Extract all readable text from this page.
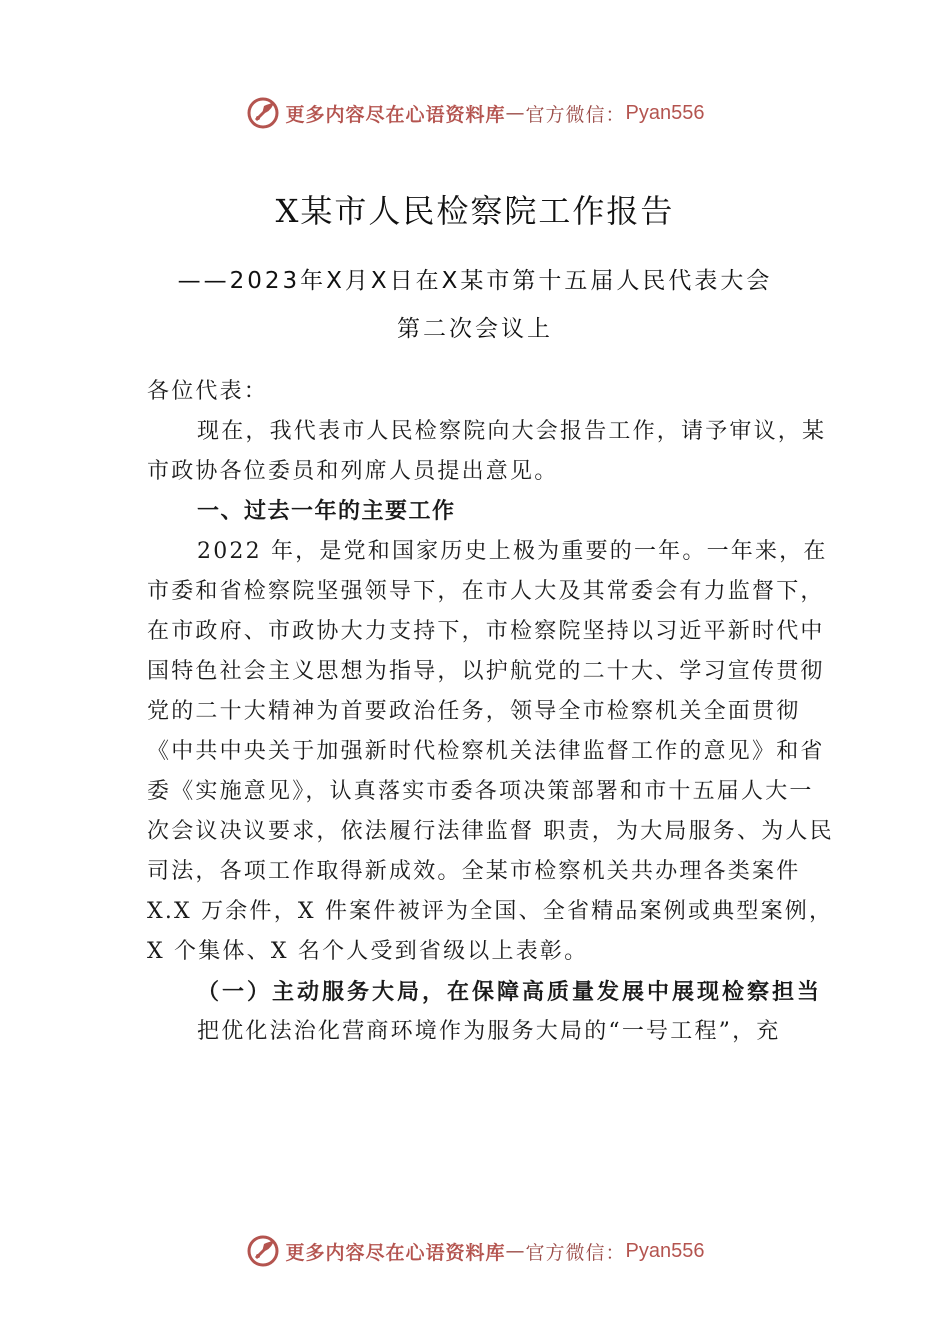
更多内容尽在心语资料库 — 官方微信： Pyan556
X某市人民检察院工作报告
——2023年X月X日在X某市第十五届人民代表大会
第二次会议上

各位代表：

现在，我代表市人民检察院向大会报告工作，请予审议，某市政协各位委员和列席人员提出意见。

一、过去一年的主要工作

2022 年，是党和国家历史上极为重要的一年。一年来，在市委和省检察院坚强领导下，在市人大及其常委会有力监督下，在市政府、市政协大力支持下，市检察院坚持以习近平新时代中国特色社会主义思想为指导，以护航党的二十大、学习宣传贯彻党的二十大精神为首要政治任务，领导全市检察机关全面贯彻《中共中央关于加强新时代检察机关法律监督工作的意见》和省委《实施意见》，认真落实市委各项决策部署和市十五届人大一次会议决议要求，依法履行法律监督 职责，为大局服务、为人民司法，各项工作取得新成效。全某市检察机关共办理各类案件 X.X 万余件，X 件案件被评为全国、全省精品案例或典型案例，X 个集体、X 名个人受到省级以上表彰。

（一）主动服务大局，在保障高质量发展中展现检察担当

把优化法治化营商环境作为服务大局的“一号工程”，充

更多内容尽在心语资料库 — 官方微信： Pyan556
